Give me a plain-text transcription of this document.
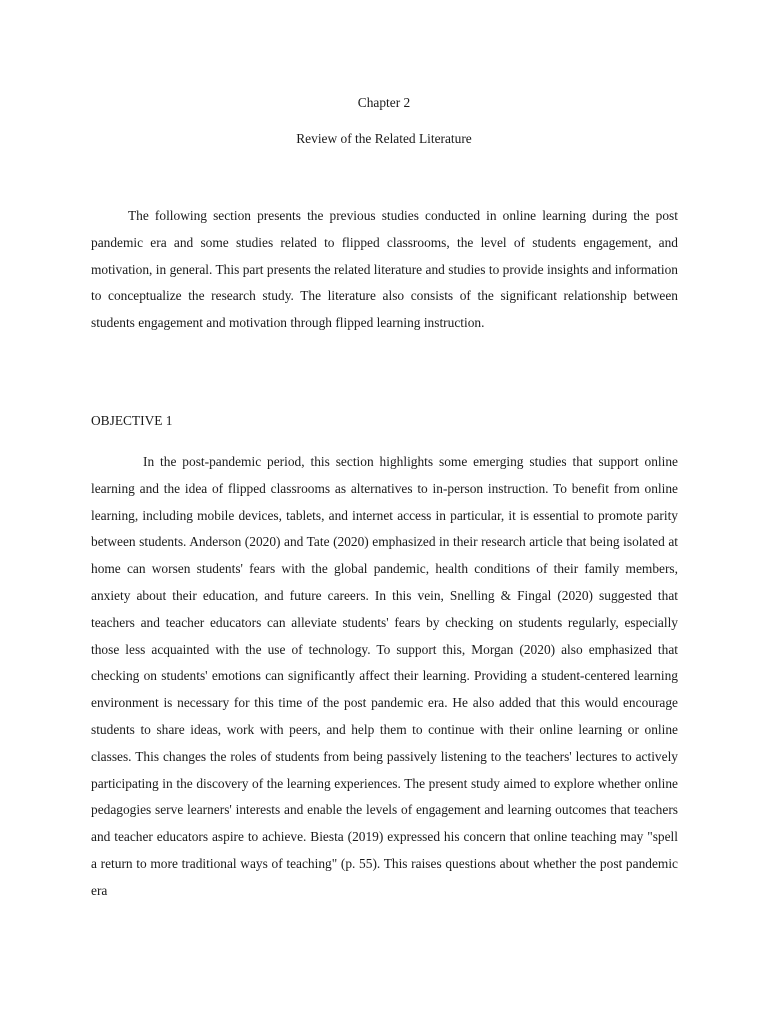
Chapter 2
Review of the Related Literature

The following section presents the previous studies conducted in online learning during the post pandemic era and some studies related to flipped classrooms, the level of students engagement, and motivation, in general. This part presents the related literature and studies to provide insights and information to conceptualize the research study. The literature also consists of the significant relationship between students engagement and motivation through flipped learning instruction.

OBJECTIVE 1

In the post-pandemic period, this section highlights some emerging studies that support online learning and the idea of flipped classrooms as alternatives to in-person instruction. To benefit from online learning, including mobile devices, tablets, and internet access in particular, it is essential to promote parity between students. Anderson (2020) and Tate (2020) emphasized in their research article that being isolated at home can worsen students' fears with the global pandemic, health conditions of their family members, anxiety about their education, and future careers. In this vein, Snelling & Fingal (2020) suggested that teachers and teacher educators can alleviate students' fears by checking on students regularly, especially those less acquainted with the use of technology. To support this, Morgan (2020) also emphasized that checking on students' emotions can significantly affect their learning. Providing a student-centered learning environment is necessary for this time of the post pandemic era. He also added that this would encourage students to share ideas, work with peers, and help them to continue with their online learning or online classes. This changes the roles of students from being passively listening to the teachers' lectures to actively participating in the discovery of the learning experiences. The present study aimed to explore whether online pedagogies serve learners' interests and enable the levels of engagement and learning outcomes that teachers and teacher educators aspire to achieve. Biesta (2019) expressed his concern that online teaching may "spell a return to more traditional ways of teaching" (p. 55). This raises questions about whether the post pandemic era
